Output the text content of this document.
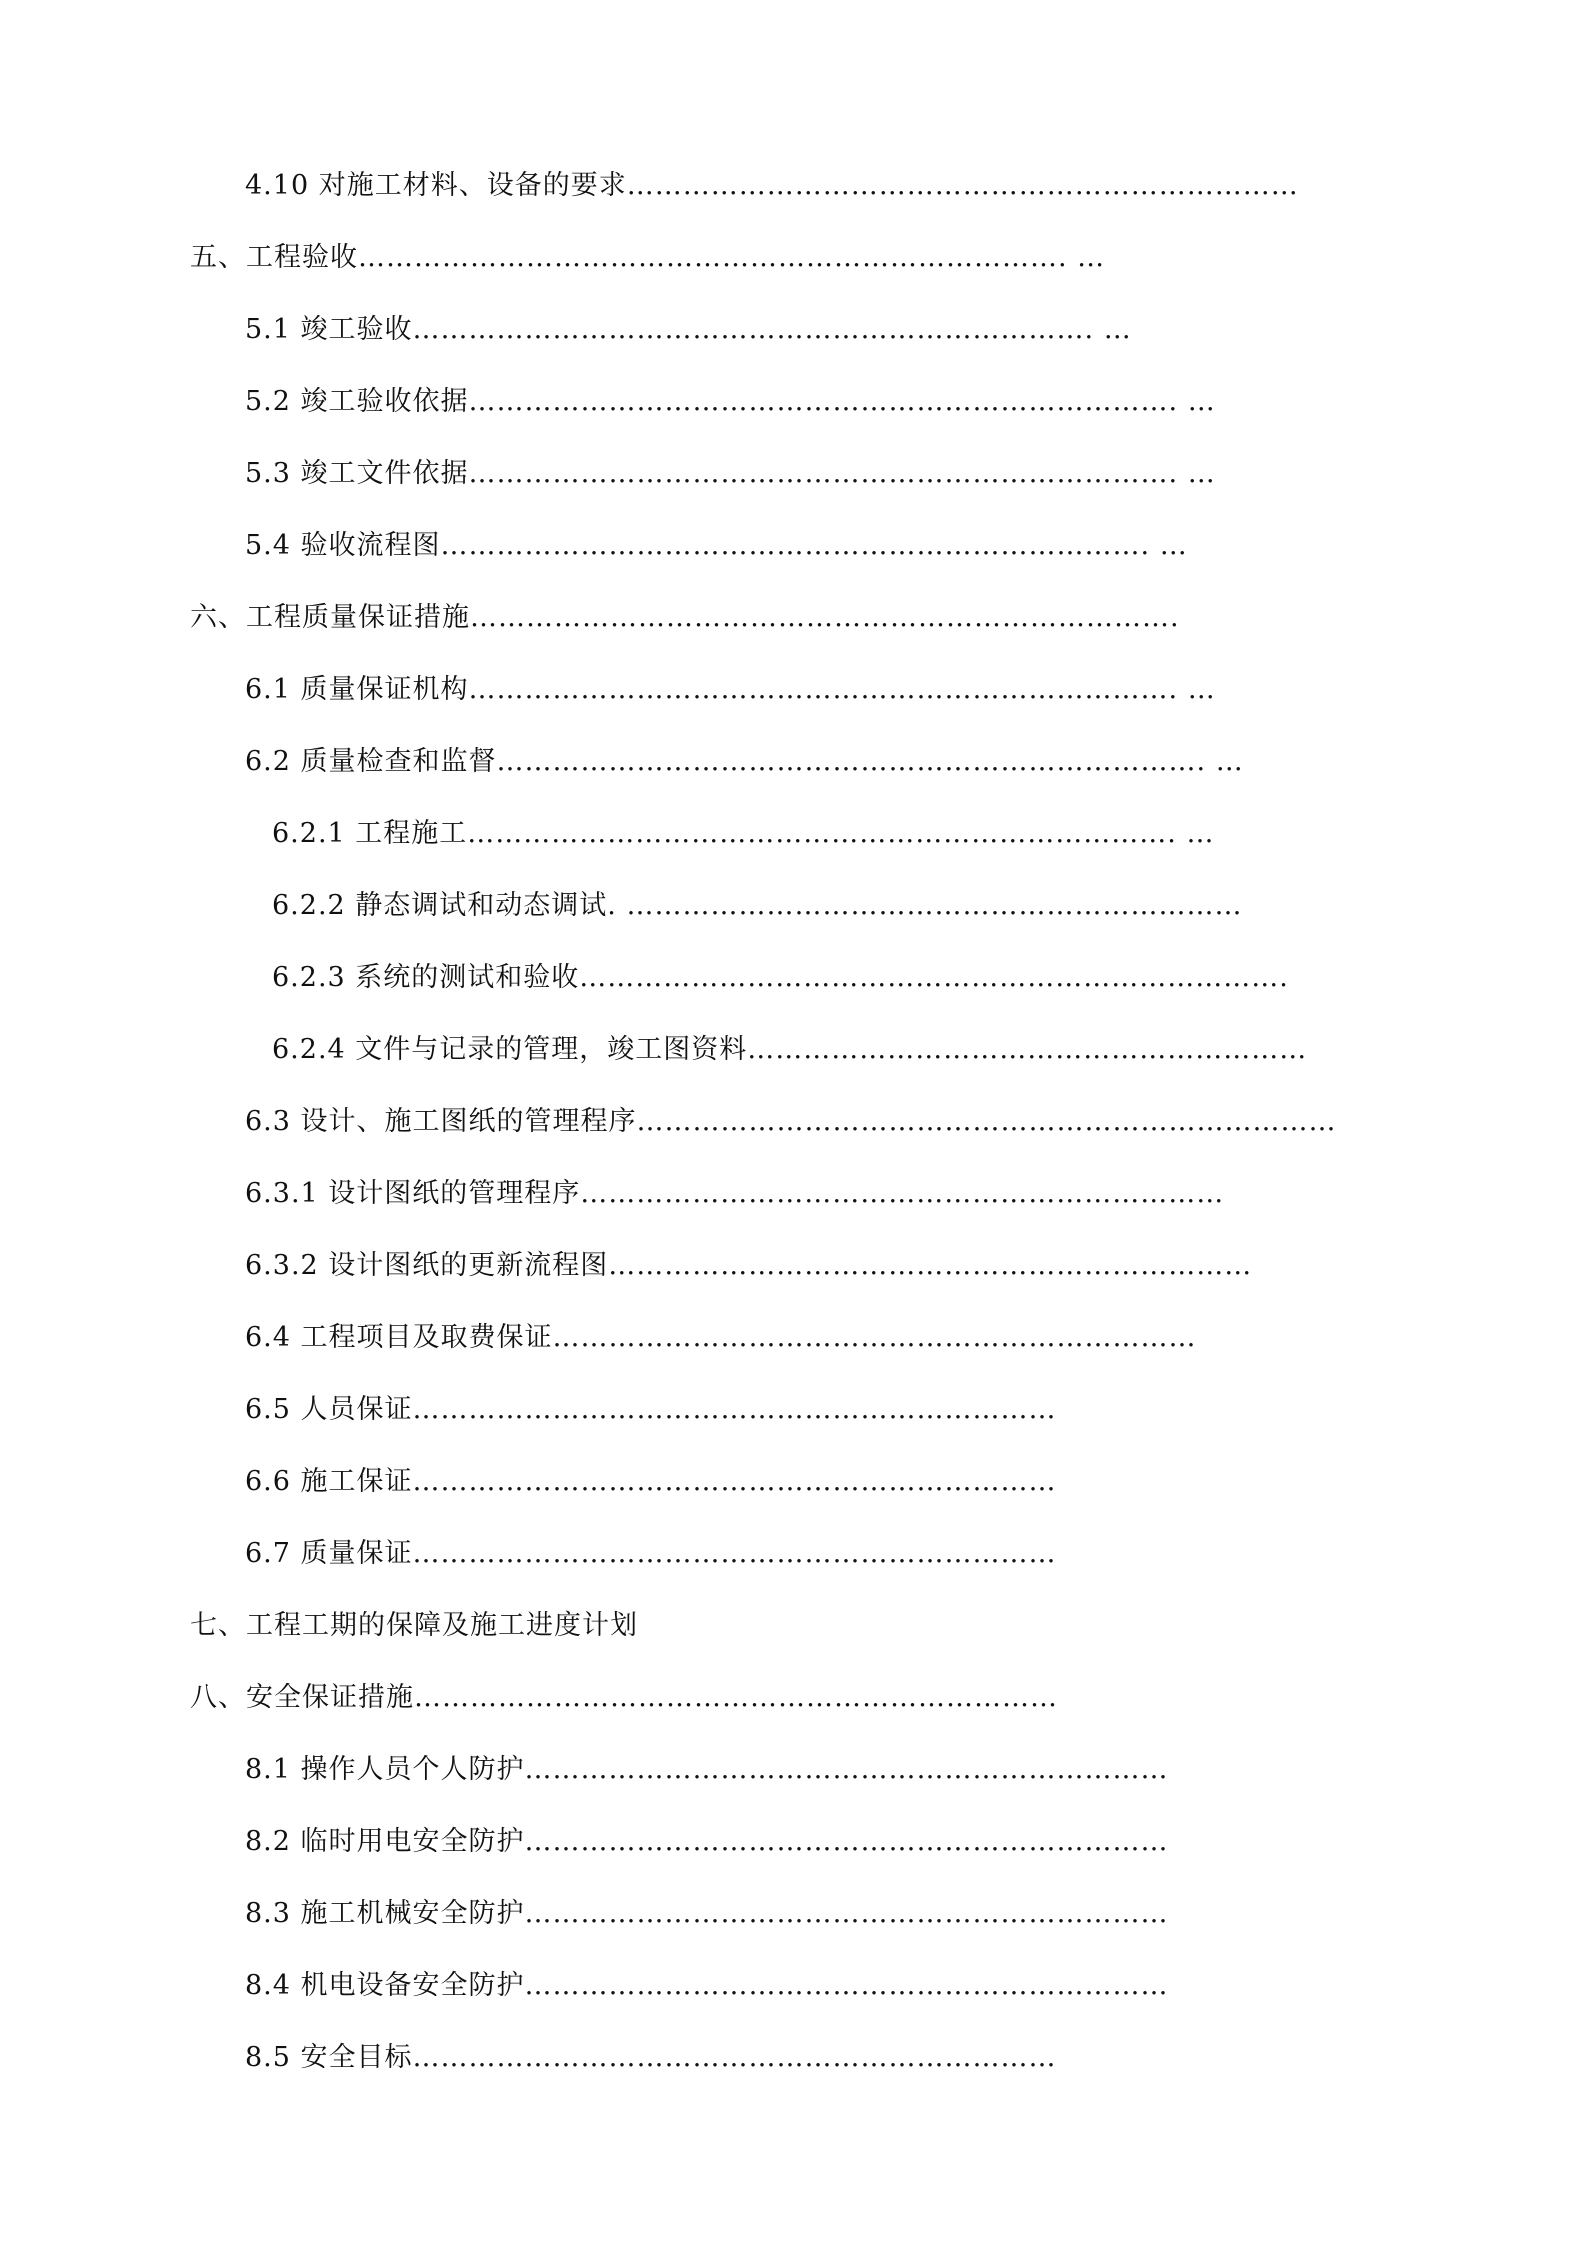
4.10 对施工材料、设备的要求………………………………………………………………
五、工程验收…………………………………………………………………. …
5.1 竣工验收………………………………………………………………. …
5.2 竣工验收依据…………………………………………………………………. …
5.3 竣工文件依据…………………………………………………………………. …
5.4 验收流程图…………………………………………………………………. …
六、工程质量保证措施………………………………………………………………….
6.1 质量保证机构…………………………………………………………………. …
6.2 质量检查和监督…………………………………………………………………. …
6.2.1 工程施工…………………………………………………………………. …
6.2.2 静态调试和动态调试. …………………………………………………………
6.2.3 系统的测试和验收………………………………………………………………….
6.2.4 文件与记录的管理，竣工图资料……………………………………………………
6.3 设计、施工图纸的管理程序…………………………………………………………………
6.3.1 设计图纸的管理程序……………………………………………………………
6.3.2 设计图纸的更新流程图……………………………………………………………
6.4 工程项目及取费保证……………………………………………………………
6.5 人员保证……………………………………………………………
6.6 施工保证……………………………………………………………
6.7 质量保证……………………………………………………………
七、工程工期的保障及施工进度计划
八、安全保证措施……………………………………………………………
8.1 操作人员个人防护……………………………………………………………
8.2 临时用电安全防护……………………………………………………………
8.3 施工机械安全防护……………………………………………………………
8.4 机电设备安全防护……………………………………………………………
8.5 安全目标……………………………………………………………
